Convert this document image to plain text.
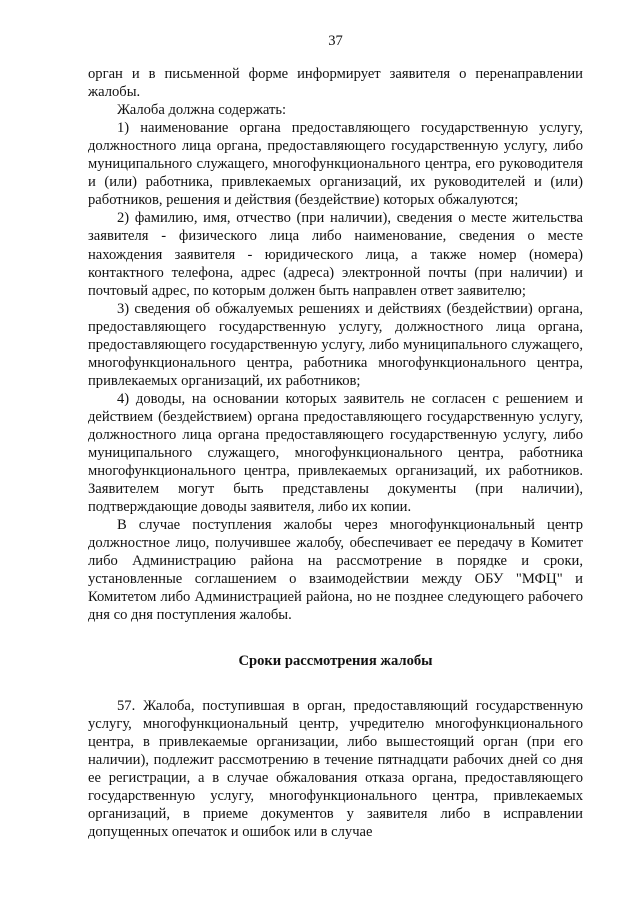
37

орган и в письменной форме информирует заявителя о перенаправлении жалобы.

Жалоба должна содержать:

1) наименование органа предоставляющего государственную услугу, должностного лица органа, предоставляющего государственную услугу, либо муниципального служащего, многофункционального центра, его руководителя и (или) работника, привлекаемых организаций, их руководителей и (или) работников, решения и действия (бездействие) которых обжалуются;

2) фамилию, имя, отчество (при наличии), сведения о месте жительства заявителя - физического лица либо наименование, сведения о месте нахождения заявителя - юридического лица, а также номер (номера) контактного телефона, адрес (адреса) электронной почты (при наличии) и почтовый адрес, по которым должен быть направлен ответ заявителю;

3) сведения об обжалуемых решениях и действиях (бездействии) органа, предоставляющего государственную услугу, должностного лица органа, предоставляющего государственную услугу, либо муниципального служащего, многофункционального центра, работника многофункционального центра, привлекаемых организаций, их работников;

4) доводы, на основании которых заявитель не согласен с решением и действием (бездействием) органа предоставляющего государственную услугу, должностного лица органа предоставляющего государственную услугу, либо муниципального служащего, многофункционального центра, работника многофункционального центра, привлекаемых организаций, их работников. Заявителем могут быть представлены документы (при наличии), подтверждающие доводы заявителя, либо их копии.

В случае поступления жалобы через многофункциональный центр должностное лицо, получившее жалобу, обеспечивает ее передачу в Комитет либо Администрацию района на рассмотрение в порядке и сроки, установленные соглашением о взаимодействии между ОБУ "МФЦ" и Комитетом либо Администрацией района, но не позднее следующего рабочего дня со дня поступления жалобы.

Сроки рассмотрения жалобы

57. Жалоба, поступившая в орган, предоставляющий государственную услугу, многофункциональный центр, учредителю многофункционального центра, в привлекаемые организации, либо вышестоящий орган (при его наличии), подлежит рассмотрению в течение пятнадцати рабочих дней со дня ее регистрации, а в случае обжалования отказа органа, предоставляющего государственную услугу, многофункционального центра, привлекаемых организаций, в приеме документов у заявителя либо в исправлении допущенных опечаток и ошибок или в случае
